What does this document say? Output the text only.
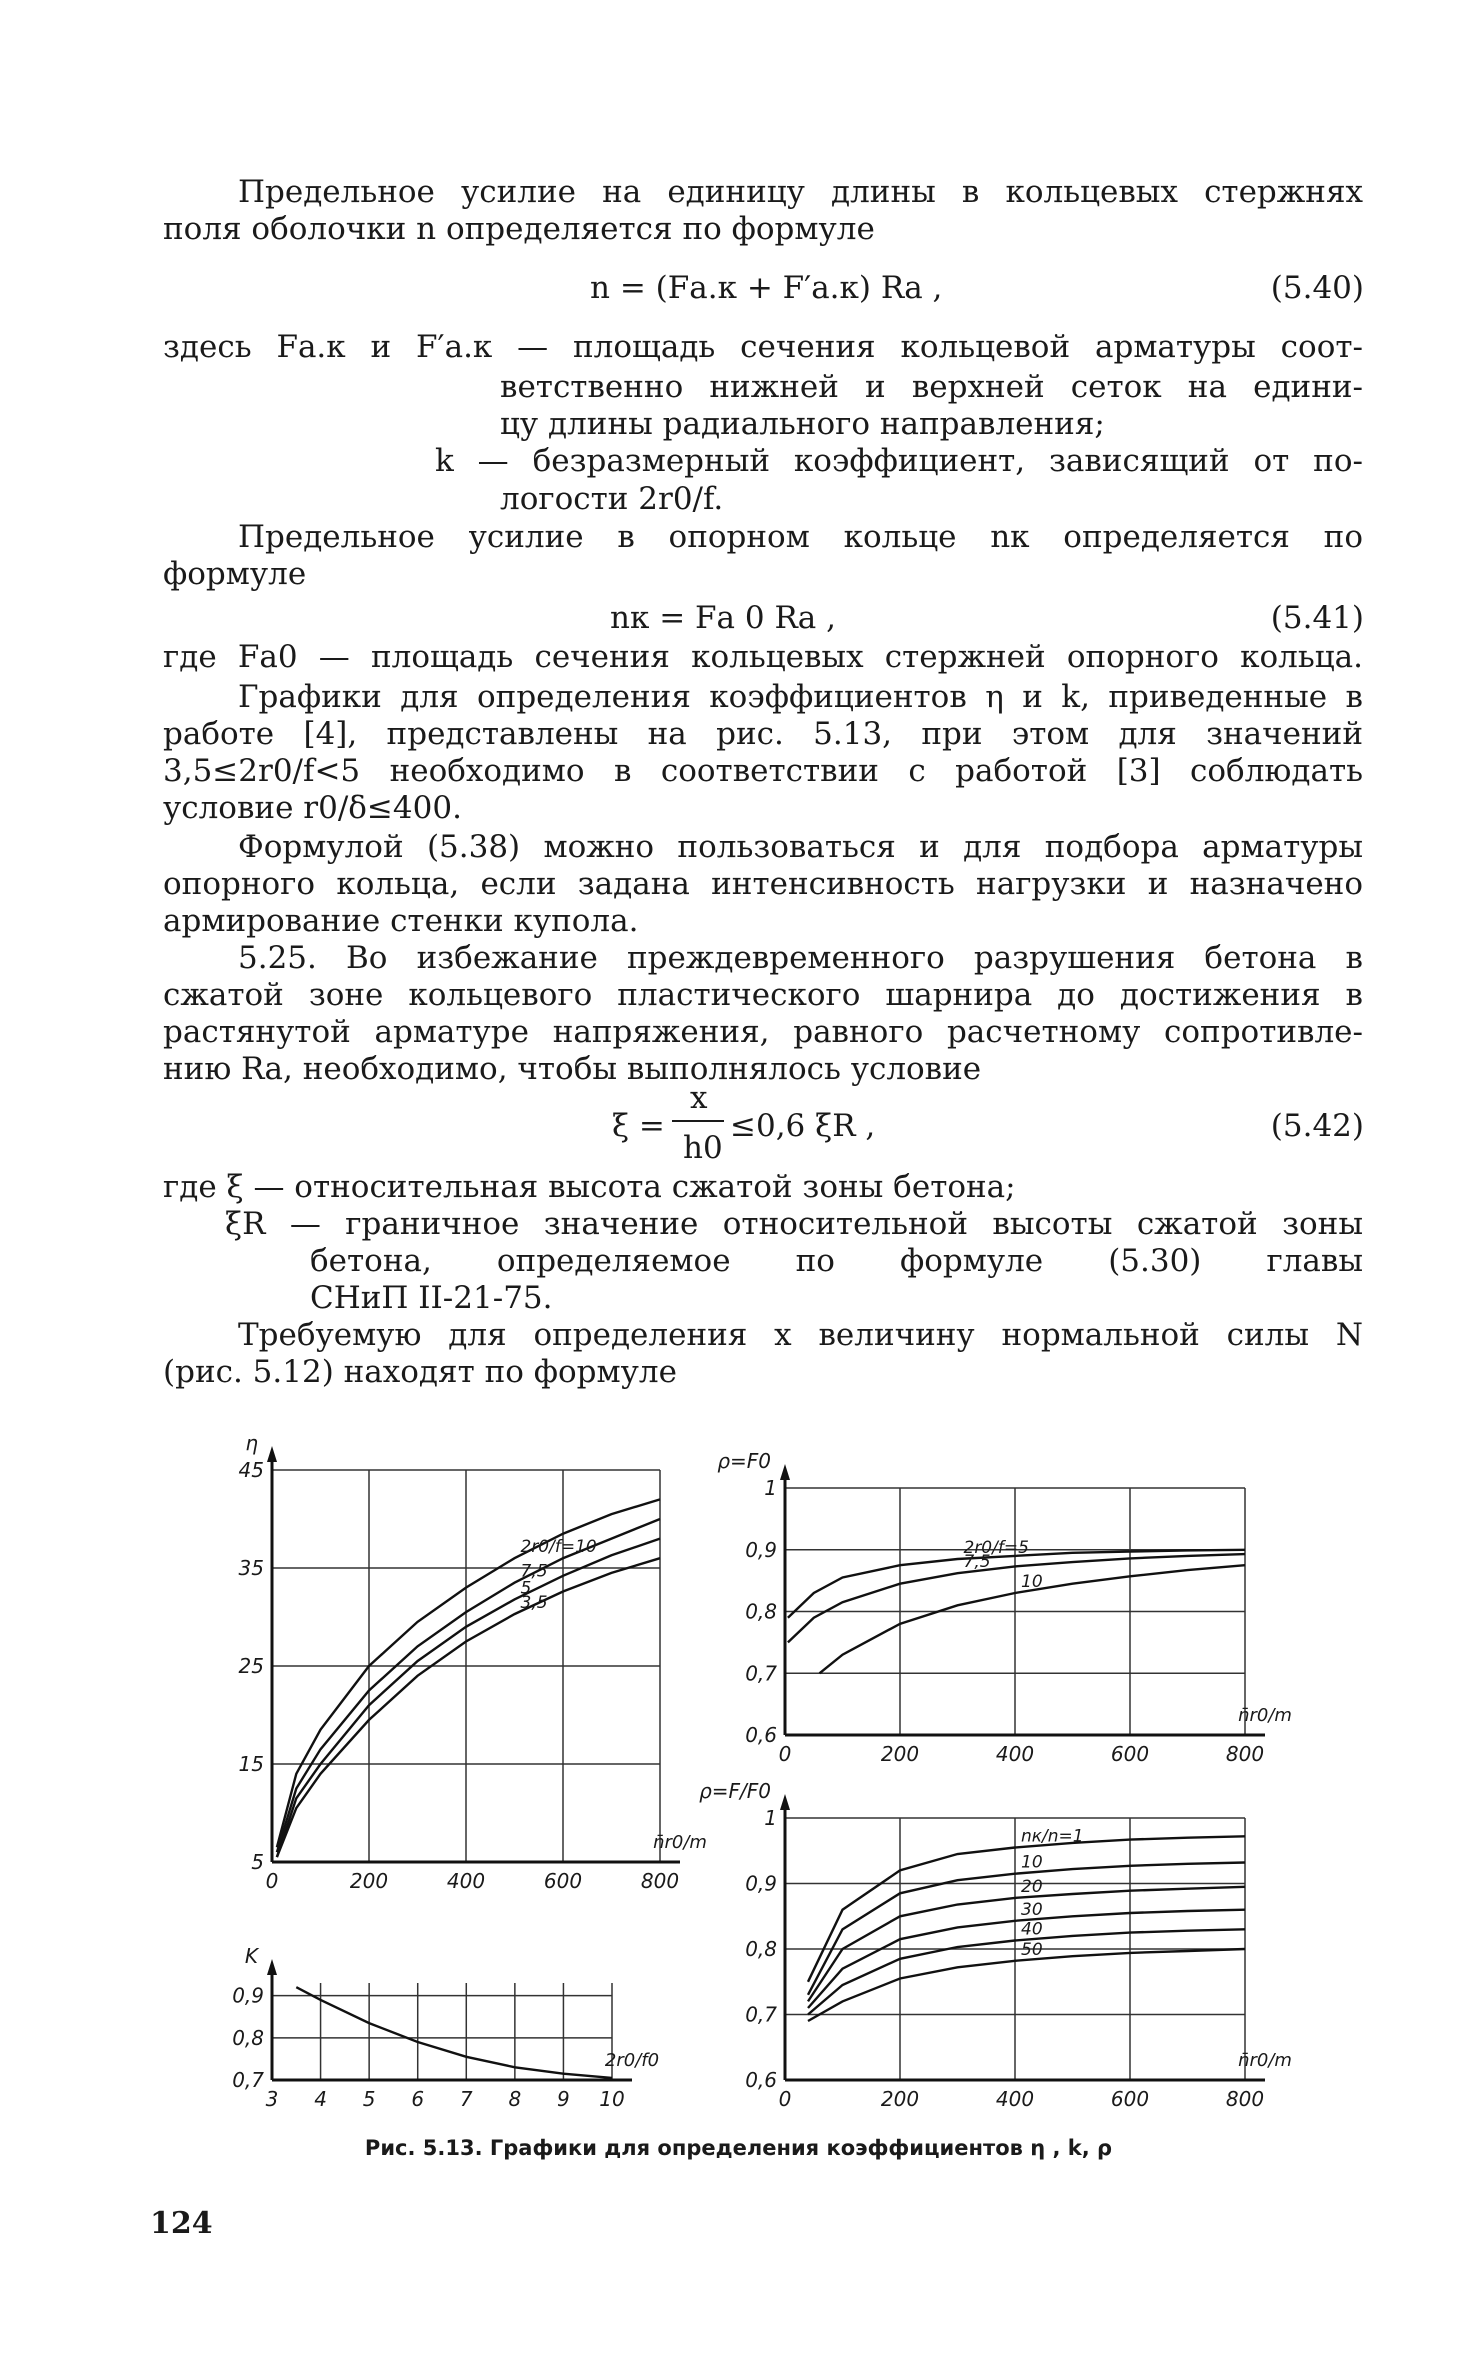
Предельное усилие на единицу длины в кольцевых стержнях
поля оболочки n определяется по формуле
n = (Fа.к + F′а.к) Rа ,	(5.40)
здесь Fа.к и F′а.к — площадь сечения кольцевой арматуры соот-
ветственно нижней и верхней сеток на едини-
цу длины радиального направления;
k — безразмерный коэффициент, зависящий от по-
логости 2r0/f.
Предельное усилие в опорном кольце nк определяется по
формуле
nк = Fа 0 Rа ,	(5.41)
где Fа0 — площадь сечения кольцевых стержней опорного кольца.
Графики для определения коэффициентов η и k, приведенные в
работе [4], представлены на рис. 5.13, при этом для значений
3,5≤2r0/f<5 необходимо в соответствии с работой [3] соблюдать
условие r0/δ≤400.
Формулой (5.38) можно пользоваться и для подбора арматуры
опорного кольца, если задана интенсивность нагрузки и назначено
армирование стенки купола.
5.25. Во избежание преждевременного разрушения бетона в
сжатой зоне кольцевого пластического шарнира до достижения в
растянутой арматуре напряжения, равного расчетному сопротивле-
нию Rа, необходимо, чтобы выполнялось условие
ξ =
x
h0
≤0,6 ξR ,	(5.42)
где ξ — относительная высота сжатой зоны бетона;
ξR — граничное значение относительной высоты сжатой зоны
бетона, определяемое по формуле (5.30) главы
СНиП II-21-75.
Требуемую для определения x величину нормальной силы N
(рис. 5.12) находят по формуле
0	200	400	600	800
5
15
25
35
45
η
n̄r0/m
2r0/f=10
7,5
5
3,5
0	200	400	600	800
0,6
0,7
0,8
0,9
1
ρ=F0
n̄r0/m
2r0/f=5
7,5
10
0	200	400	600	800
0,6
0,7
0,8
0,9
1
ρ=F/F0
n̄r0/m
nк/n=1
10
20
30
40
50
3 4 5 6 7 8 9 10
0,7
0,8
0,9
K
2r0/f0
Рис. 5.13. Графики для определения коэффициентов η , k, ρ
124
